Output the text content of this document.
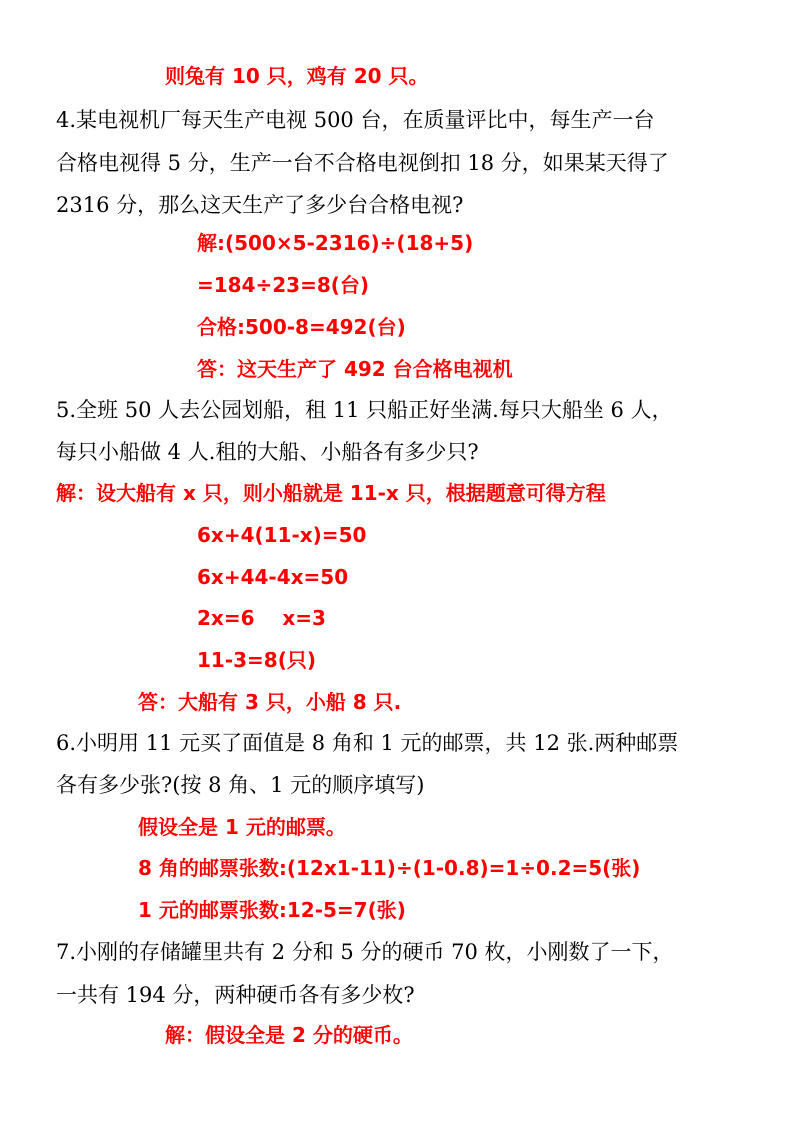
则兔有 10 只，鸡有 20 只。
4.某电视机厂每天生产电视 500 台，在质量评比中，每生产一台
合格电视得 5 分，生产一台不合格电视倒扣 18 分，如果某天得了
2316 分，那么这天生产了多少台合格电视?
解:(500×5-2316)÷(18+5)
=184÷23=8(台)
合格:500-8=492(台)
答：这天生产了 492 台合格电视机
5.全班 50 人去公园划船，租 11 只船正好坐满.每只大船坐 6 人，
每只小船做 4 人.租的大船、小船各有多少只?
解：设大船有 x 只，则小船就是 11-x 只，根据题意可得方程
6x+4(11-x)=50
6x+44-4x=50
2x=6    x=3
11-3=8(只)
答：大船有 3 只，小船 8 只.
6.小明用 11 元买了面值是 8 角和 1 元的邮票，共 12 张.两种邮票
各有多少张?(按 8 角、1 元的顺序填写)
假设全是 1 元的邮票。
8 角的邮票张数:(12x1-11)÷(1-0.8)=1÷0.2=5(张)
1 元的邮票张数:12-5=7(张)
7.小刚的存储罐里共有 2 分和 5 分的硬币 70 枚，小刚数了一下，
一共有 194 分，两种硬币各有多少枚?
解：假设全是 2 分的硬币。
